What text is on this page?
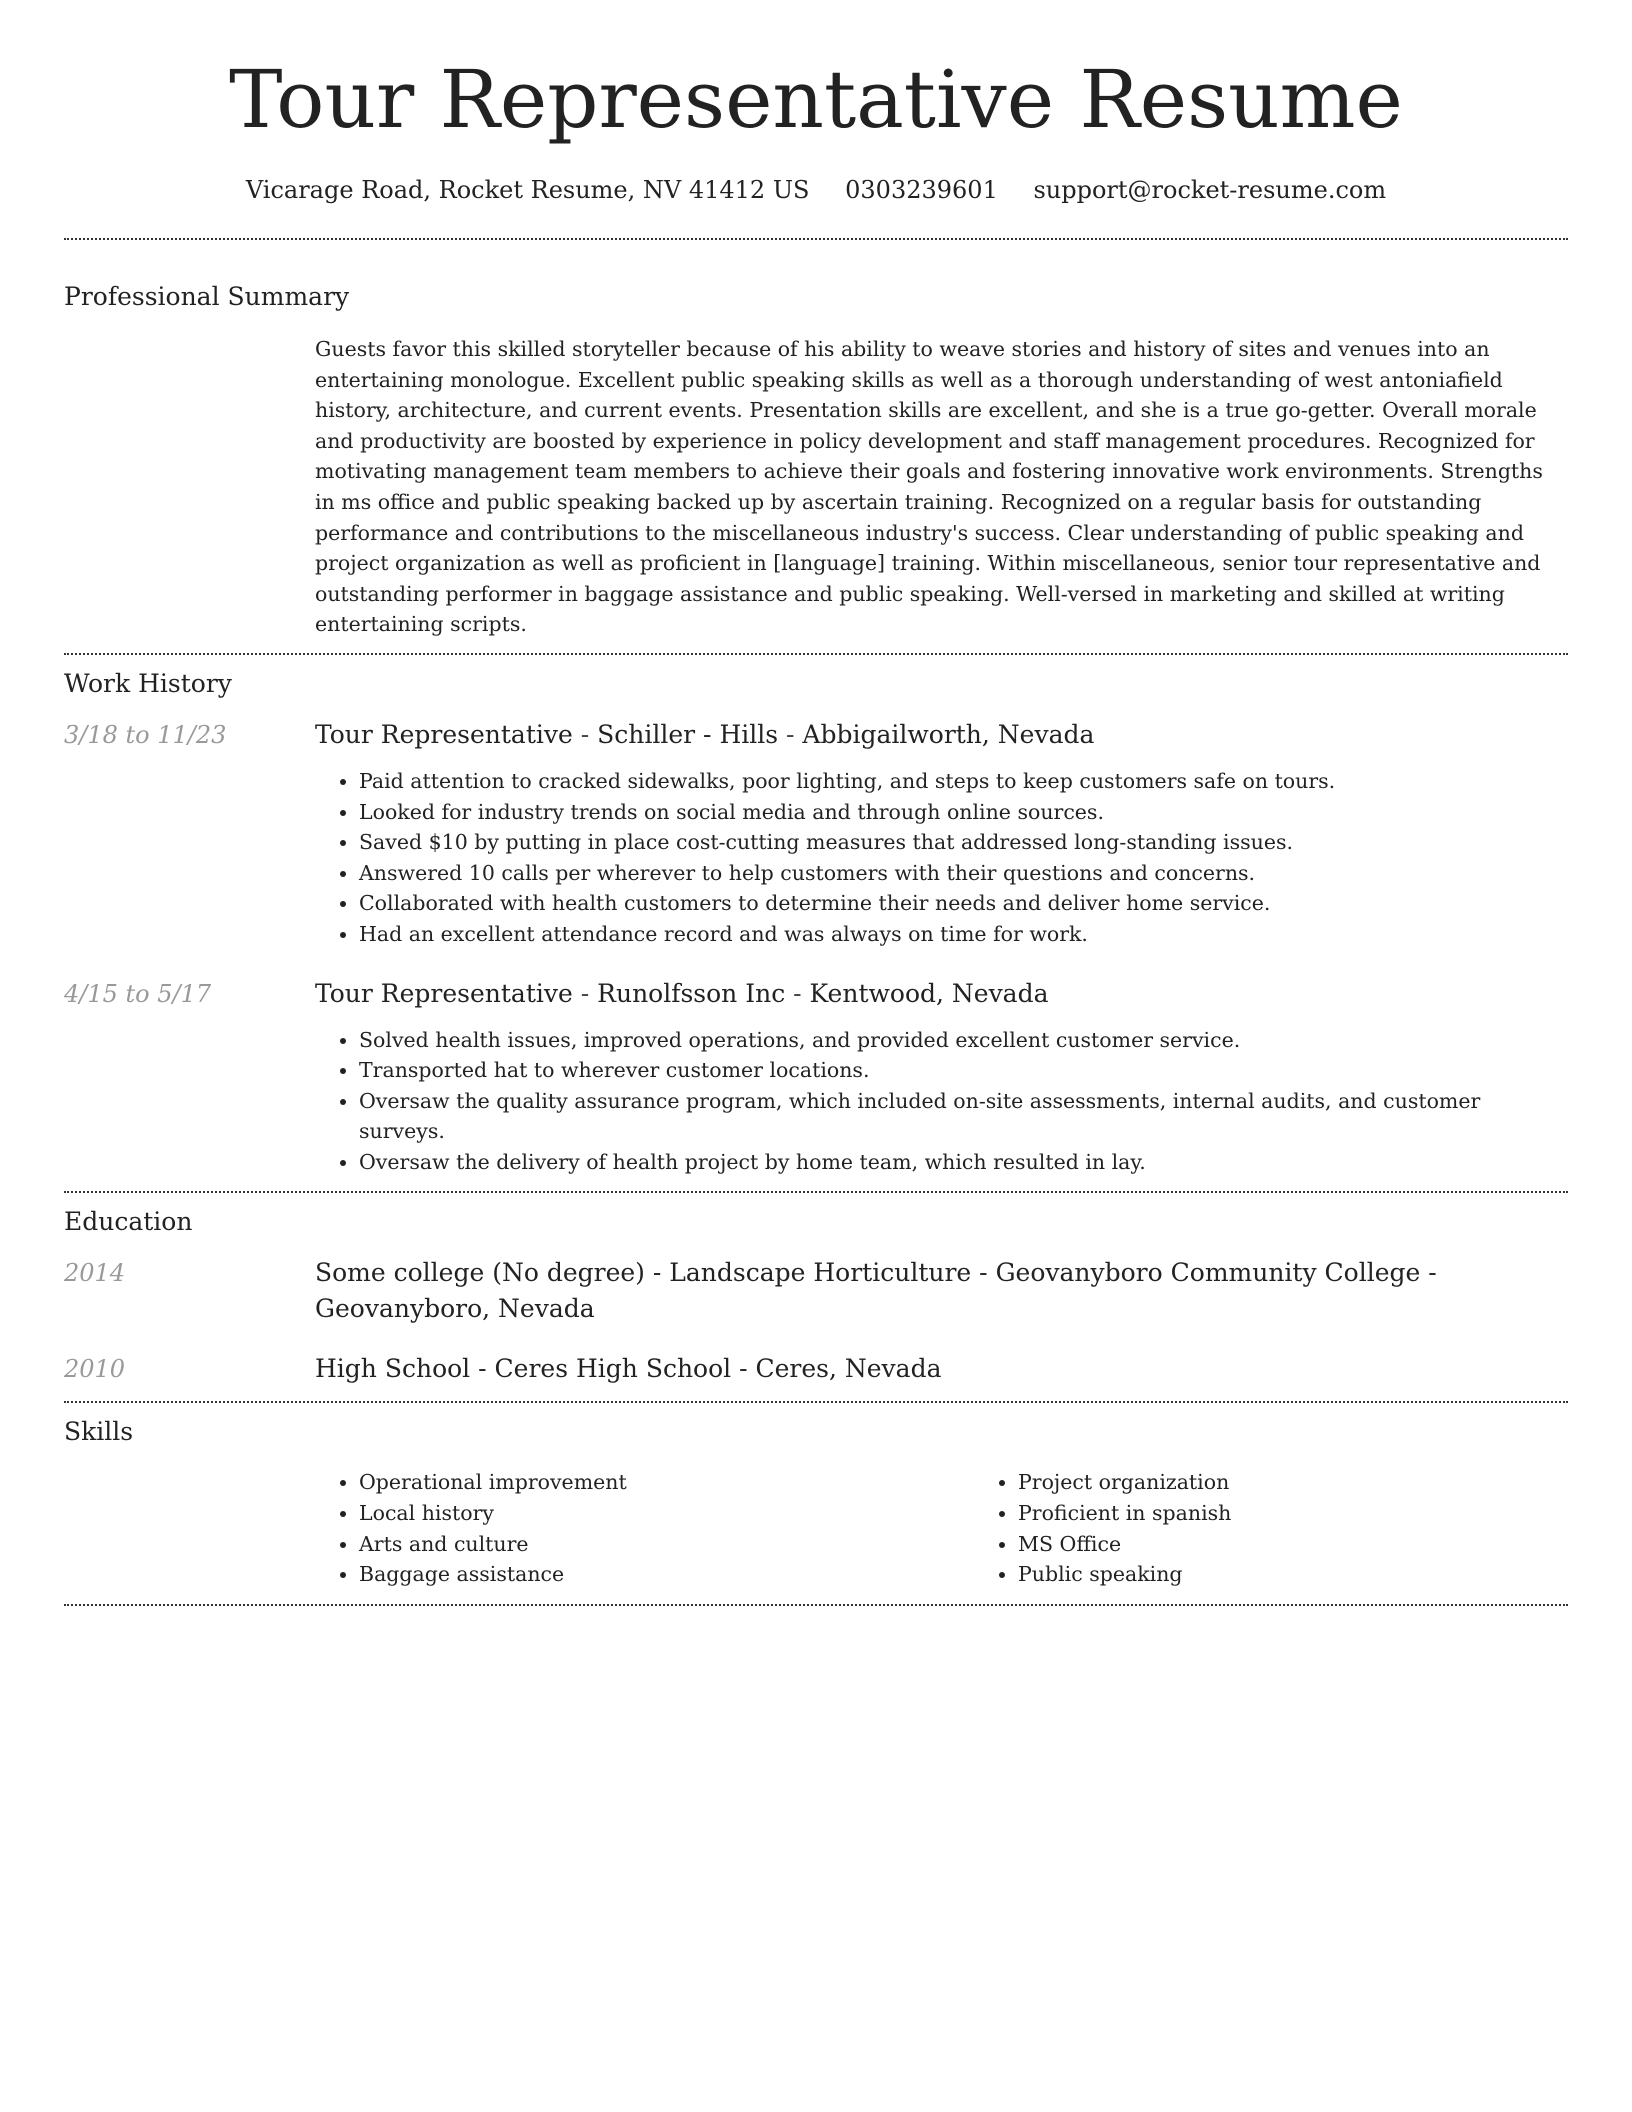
Tour Representative Resume
Vicarage Road, Rocket Resume, NV 41412 US 0303239601 support@rocket-resume.com
Professional Summary

Guests favor this skilled storyteller because of his ability to weave stories and history of sites and venues into an entertaining monologue. Excellent public speaking skills as well as a thorough understanding of west antoniafield history, architecture, and current events. Presentation skills are excellent, and she is a true go-getter. Overall morale and productivity are boosted by experience in policy development and staff management procedures. Recognized for motivating management team members to achieve their goals and fostering innovative work environments. Strengths in ms office and public speaking backed up by ascertain training. Recognized on a regular basis for outstanding performance and contributions to the miscellaneous industry's success. Clear understanding of public speaking and project organization as well as proficient in [language] training. Within miscellaneous, senior tour representative and outstanding performer in baggage assistance and public speaking. Well-versed in marketing and skilled at writing entertaining scripts.

Work History
3/18 to 11/23	Tour Representative - Schiller - Hills - Abbigailworth, Nevada
• Paid attention to cracked sidewalks, poor lighting, and steps to keep customers safe on tours.
• Looked for industry trends on social media and through online sources.
• Saved $10 by putting in place cost-cutting measures that addressed long-standing issues.
• Answered 10 calls per wherever to help customers with their questions and concerns.
• Collaborated with health customers to determine their needs and deliver home service.
• Had an excellent attendance record and was always on time for work.
4/15 to 5/17	Tour Representative - Runolfsson Inc - Kentwood, Nevada
• Solved health issues, improved operations, and provided excellent customer service.
• Transported hat to wherever customer locations.
• Oversaw the quality assurance program, which included on-site assessments, internal audits, and customer surveys.
• Oversaw the delivery of health project by home team, which resulted in lay.
Education
2014	Some college (No degree) - Landscape Horticulture - Geovanyboro Community College - Geovanyboro, Nevada
2010	High School - Ceres High School - Ceres, Nevada
Skills
• Operational improvement
• Local history
• Arts and culture
• Baggage assistance
• Project organization
• Proficient in spanish
• MS Office
• Public speaking
